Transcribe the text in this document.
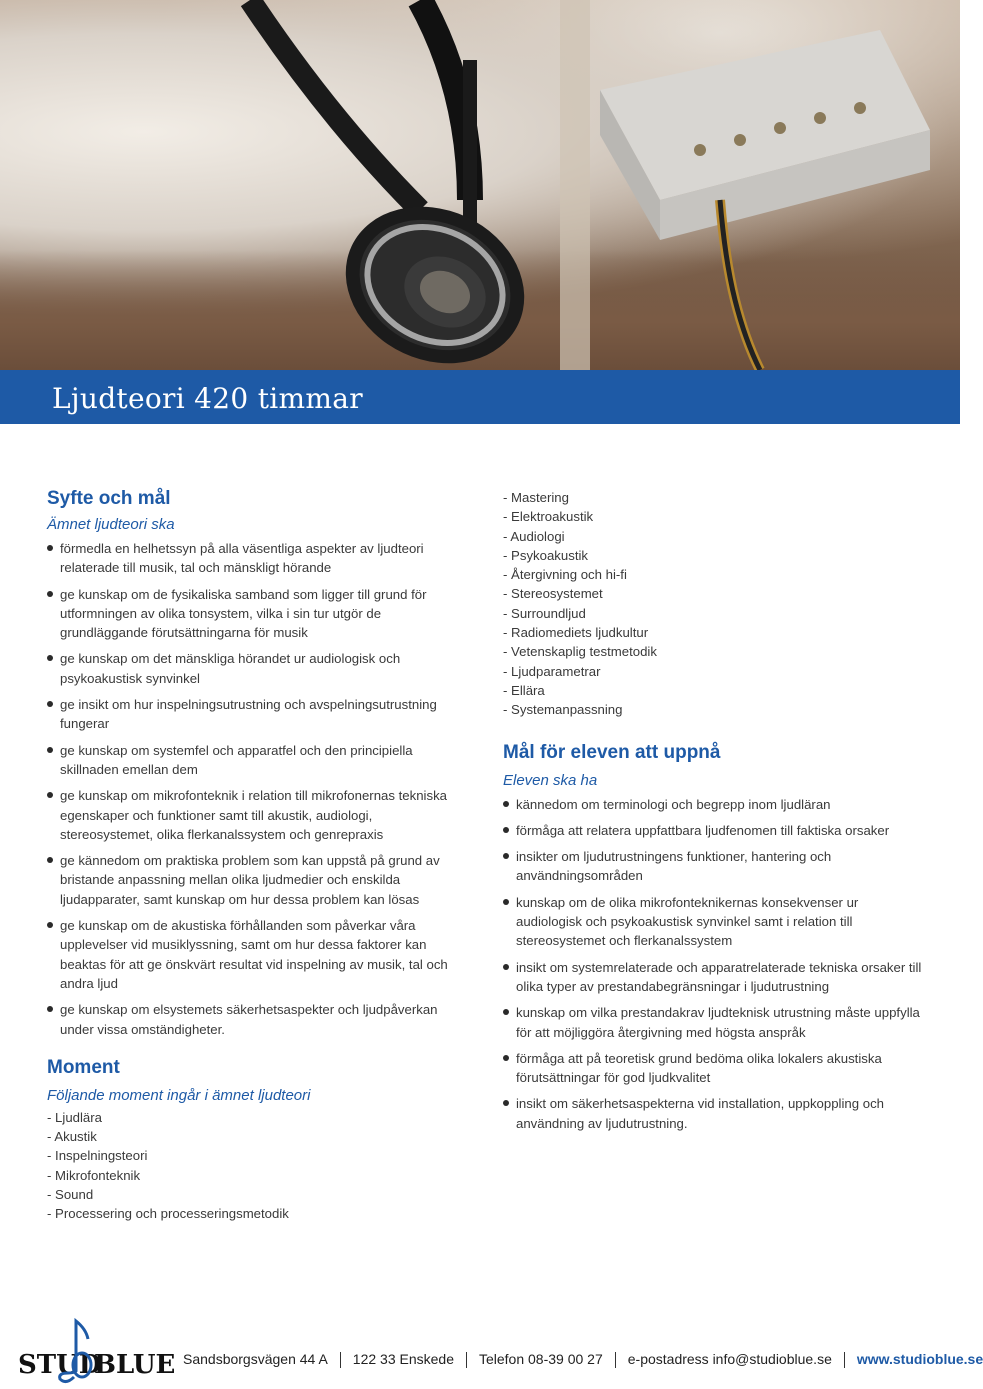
Ljudteori 420 timmar
Syfte och mål
Ämnet ljudteori ska
förmedla en helhetssyn på alla väsentliga aspekter av ljudteori relaterade till musik, tal och mänskligt hörande
ge kunskap om de fysikaliska samband som ligger till grund för utformningen av olika tonsystem, vilka i sin tur utgör de grundläggande förutsättningarna för musik
ge kunskap om det mänskliga hörandet ur audiologisk och psykoakustisk synvinkel
ge insikt om hur inspelningsutrustning och avspelningsutrustning fungerar
ge kunskap om systemfel och apparatfel och den principiella skillnaden emellan dem
ge kunskap om mikrofonteknik i relation till mikrofonernas tekniska egenskaper och funktioner samt till akustik, audiologi, stereosystemet, olika flerkanalssystem och genrepraxis
ge kännedom om praktiska problem som kan uppstå på grund av bristande anpassning mellan olika ljudmedier och enskilda ljudapparater, samt kunskap om hur dessa problem kan lösas
ge kunskap om de akustiska förhållanden som påverkar våra upplevelser vid musiklyssning, samt om hur dessa faktorer kan beaktas för att ge önskvärt resultat vid inspelning av musik, tal och andra ljud
ge kunskap om elsystemets säkerhetsaspekter och ljudpåverkan under vissa omständigheter.
Moment
Följande moment ingår i ämnet ljudteori
- Ljudlära
- Akustik
- Inspelningsteori
- Mikrofonteknik
- Sound
- Processering och processeringsmetodik
- Mastering
- Elektroakustik
- Audiologi
- Psykoakustik
- Återgivning och hi-fi
- Stereosystemet
- Surroundljud
- Radiomediets ljudkultur
- Vetenskaplig testmetodik
- Ljudparametrar
- Ellära
- Systemanpassning
Mål för eleven att uppnå
Eleven ska ha
kännedom om terminologi och begrepp inom ljudläran
förmåga att relatera uppfattbara ljudfenomen till faktiska orsaker
insikter om ljudutrustningens funktioner, hantering och användningsområden
kunskap om de olika mikrofonteknikernas konsekvenser ur audiologisk och psykoakustisk synvinkel samt i relation till stereosystemet och flerkanalssystem
insikt om systemrelaterade och apparatrelaterade tekniska orsaker till olika typer av prestandabegränsningar i ljudutrustning
kunskap om vilka prestandakrav ljudteknisk utrustning måste uppfylla för att möjliggöra återgivning med högsta anspråk
förmåga att på teoretisk grund bedöma olika lokalers akustiska förutsättningar för god ljudkvalitet
insikt om säkerhetsaspekterna vid installation, uppkoppling och användning av ljudutrustning.
STUD
BLUE Sandsborgsvägen 44 A 122 33 Enskede Telefon 08-39 00 27 e-postadress info@studioblue.se www.studioblue.se
